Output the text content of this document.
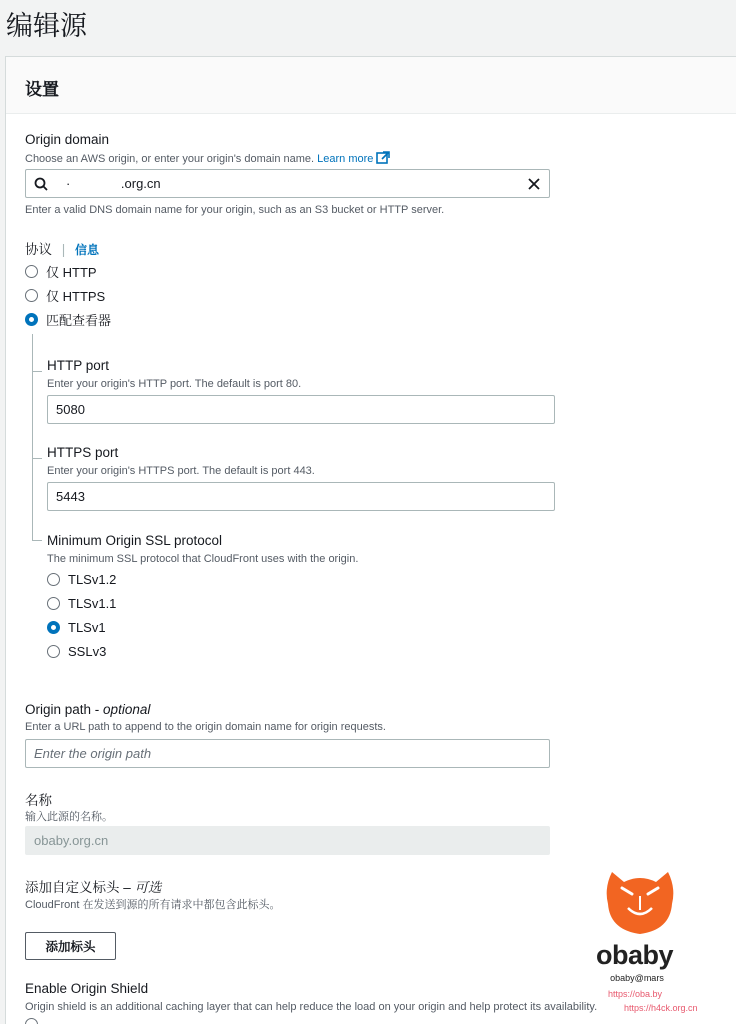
编辑源
设置
Origin domain
Choose an AWS origin, or enter your origin's domain name. Learn more
·              .org.cn
Enter a valid DNS domain name for your origin, such as an S3 bucket or HTTP server.
协议 | 信息
仅 HTTP
仅 HTTPS
匹配查看器
HTTP port
Enter your origin's HTTP port. The default is port 80.
5080
HTTPS port
Enter your origin's HTTPS port. The default is port 443.
5443
Minimum Origin SSL protocol
The minimum SSL protocol that CloudFront uses with the origin.
TLSv1.2
TLSv1.1
TLSv1
SSLv3
Origin path - optional
Enter a URL path to append to the origin domain name for origin requests.
Enter the origin path
名称
输入此源的名称。
obaby.org.cn
添加自定义标头 – 可选
CloudFront 在发送到源的所有请求中都包含此标头。
添加标头
Enable Origin Shield
Origin shield is an additional caching layer that can help reduce the load on your origin and help protect its availability.
obaby
obaby@mars
https://oba.by
https://h4ck.org.cn
